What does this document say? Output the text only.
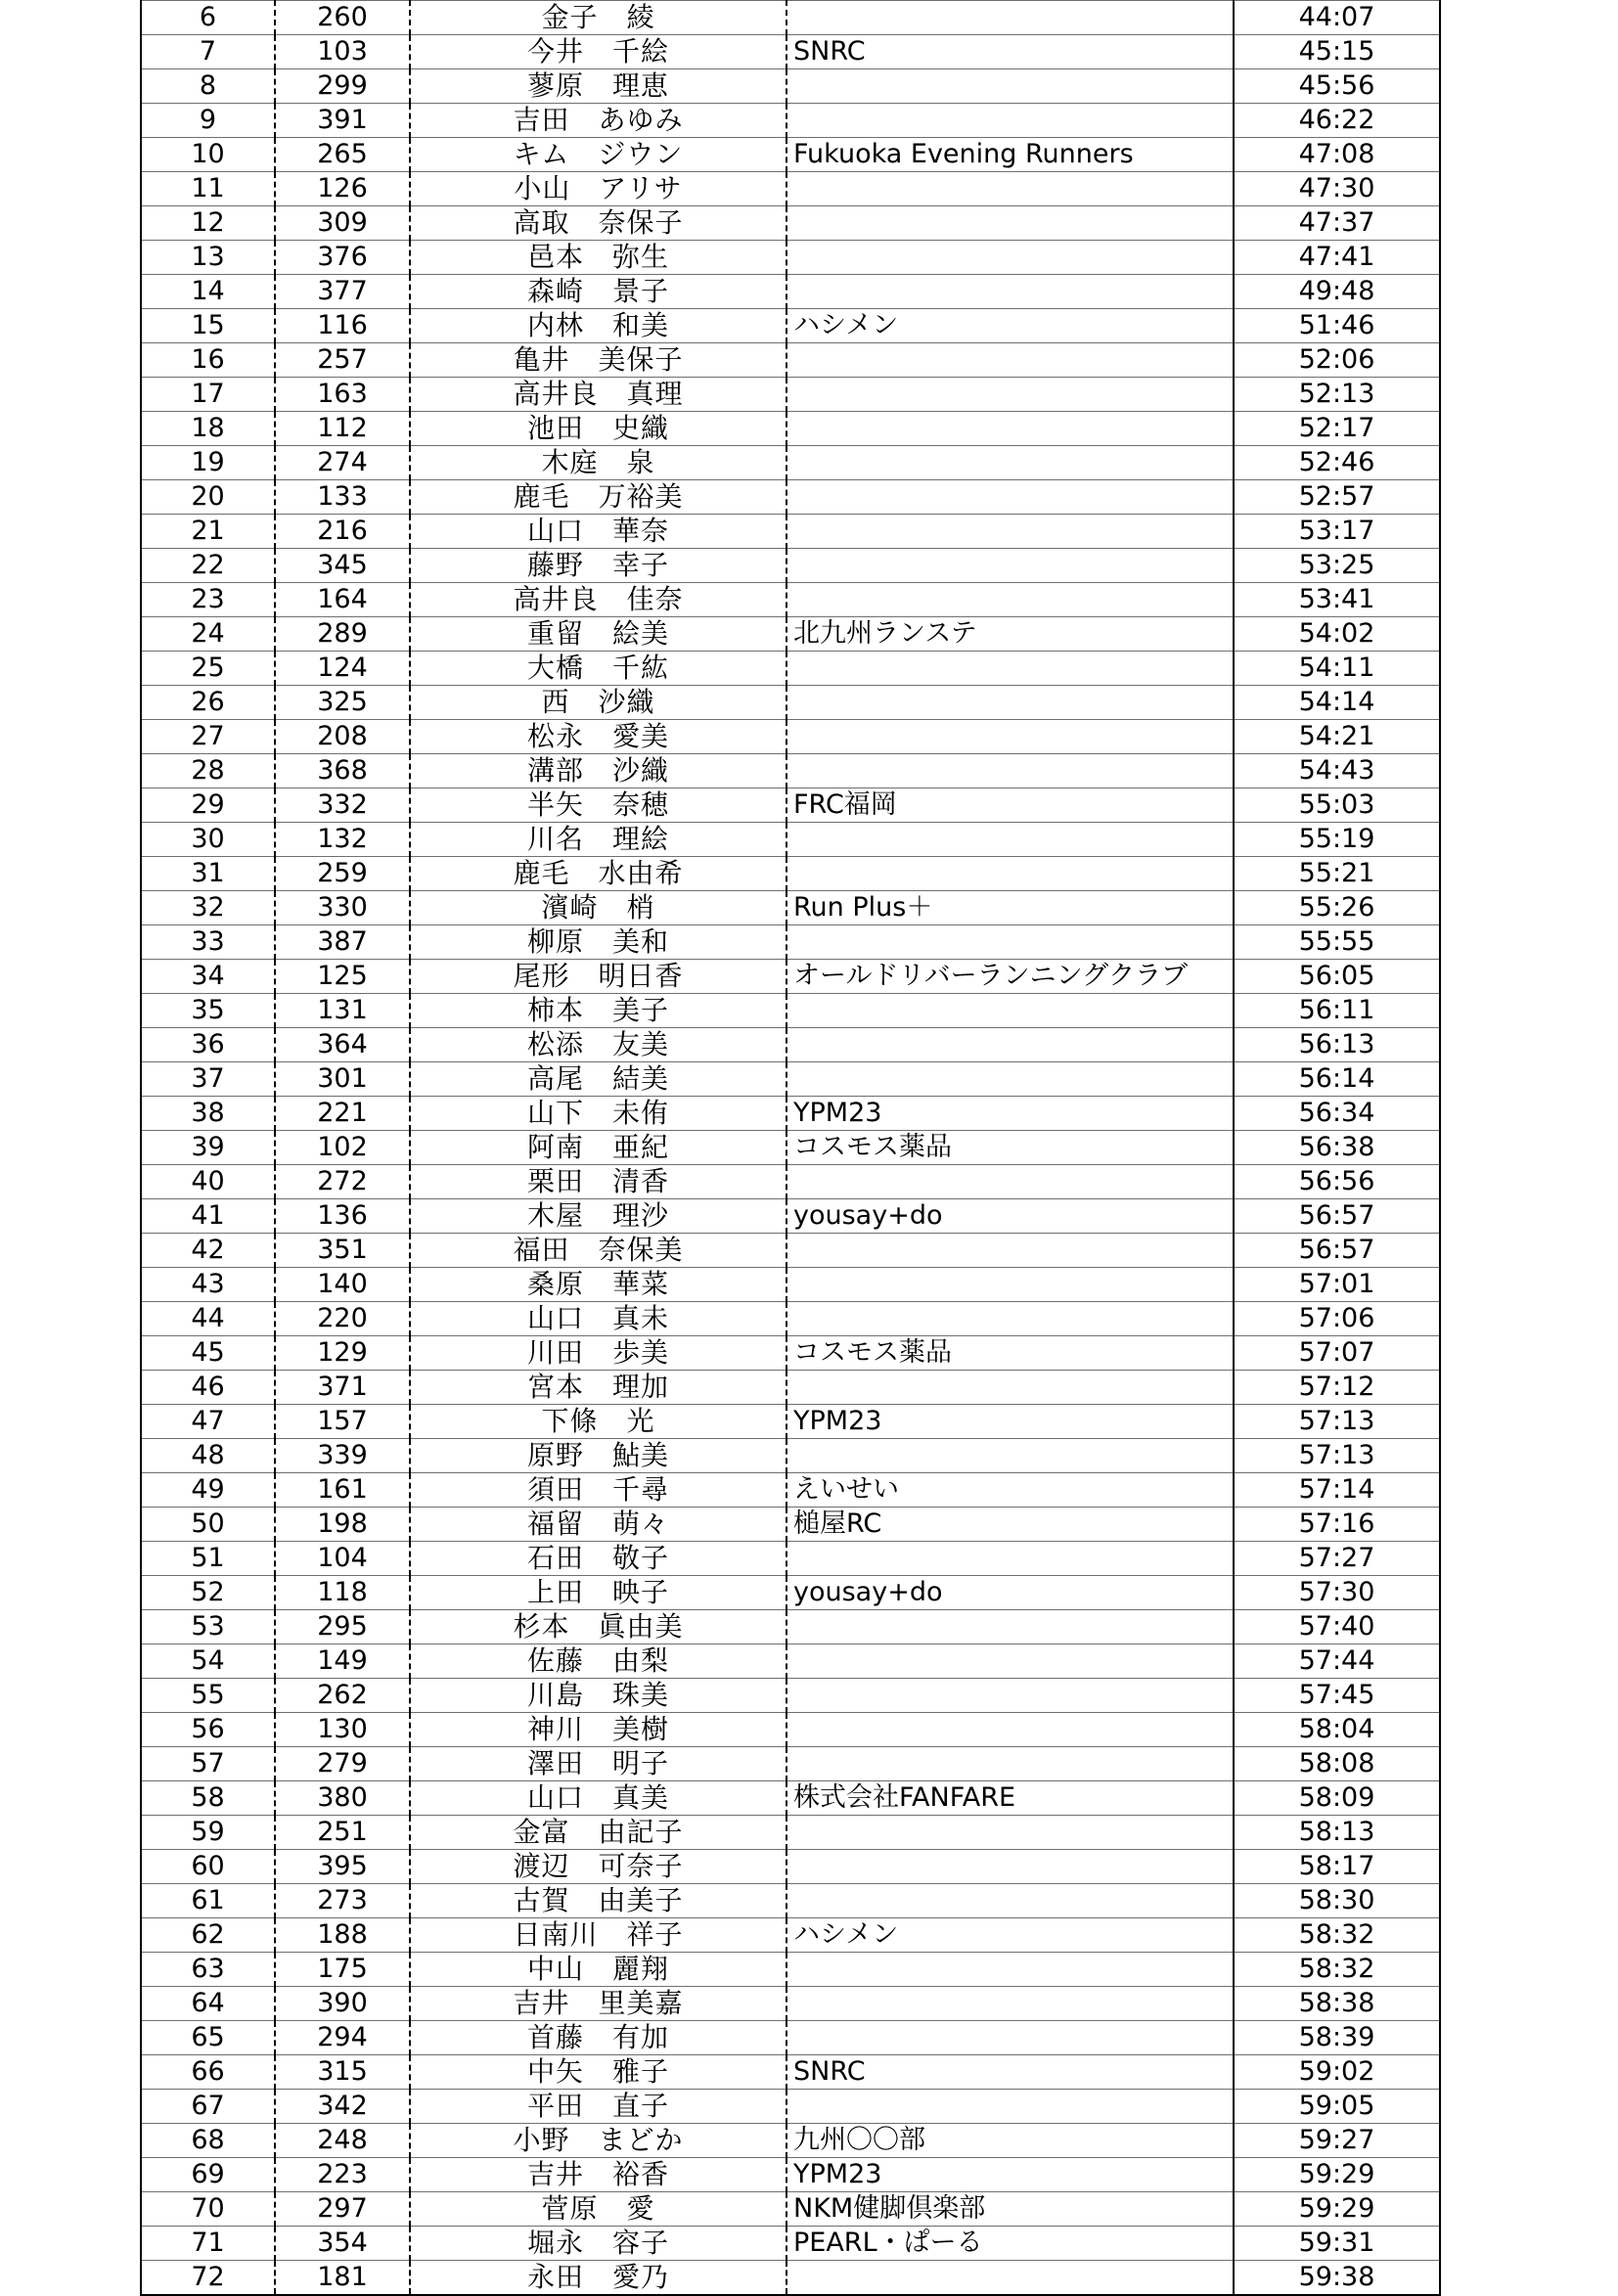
6	260	金子　綾		44:07
7	103	今井　千絵	SNRC	45:15
8	299	蓼原　理恵		45:56
9	391	吉田　あゆみ		46:22
10	265	キム　ジウン	Fukuoka Evening Runners	47:08
11	126	小山　アリサ		47:30
12	309	高取　奈保子		47:37
13	376	邑本　弥生		47:41
14	377	森崎　景子		49:48
15	116	内林　和美	ハシメン	51:46
16	257	亀井　美保子		52:06
17	163	高井良　真理		52:13
18	112	池田　史織		52:17
19	274	木庭　泉		52:46
20	133	鹿毛　万裕美		52:57
21	216	山口　華奈		53:17
22	345	藤野　幸子		53:25
23	164	高井良　佳奈		53:41
24	289	重留　絵美	北九州ランステ	54:02
25	124	大橋　千紘		54:11
26	325	西　沙織		54:14
27	208	松永　愛美		54:21
28	368	溝部　沙織		54:43
29	332	半矢　奈穂	FRC福岡	55:03
30	132	川名　理絵		55:19
31	259	鹿毛　水由希		55:21
32	330	濱崎　梢	Run Plus＋	55:26
33	387	柳原　美和		55:55
34	125	尾形　明日香	オールドリバーランニングクラブ	56:05
35	131	柿本　美子		56:11
36	364	松添　友美		56:13
37	301	高尾　結美		56:14
38	221	山下　未侑	YPM23	56:34
39	102	阿南　亜紀	コスモス薬品	56:38
40	272	栗田　清香		56:56
41	136	木屋　理沙	yousay+do	56:57
42	351	福田　奈保美		56:57
43	140	桑原　華菜		57:01
44	220	山口　真未		57:06
45	129	川田　歩美	コスモス薬品	57:07
46	371	宮本　理加		57:12
47	157	下條　光	YPM23	57:13
48	339	原野　鮎美		57:13
49	161	須田　千尋	えいせい	57:14
50	198	福留　萌々	槌屋RC	57:16
51	104	石田　敬子		57:27
52	118	上田　映子	yousay+do	57:30
53	295	杉本　眞由美		57:40
54	149	佐藤　由梨		57:44
55	262	川島　珠美		57:45
56	130	神川　美樹		58:04
57	279	澤田　明子		58:08
58	380	山口　真美	株式会社FANFARE	58:09
59	251	金富　由記子		58:13
60	395	渡辺　可奈子		58:17
61	273	古賀　由美子		58:30
62	188	日南川　祥子	ハシメン	58:32
63	175	中山　麗翔		58:32
64	390	吉井　里美嘉		58:38
65	294	首藤　有加		58:39
66	315	中矢　雅子	SNRC	59:02
67	342	平田　直子		59:05
68	248	小野　まどか	九州〇〇部	59:27
69	223	吉井　裕香	YPM23	59:29
70	297	菅原　愛	NKM健脚倶楽部	59:29
71	354	堀永　容子	PEARL・ぱーる	59:31
72	181	永田　愛乃		59:38
